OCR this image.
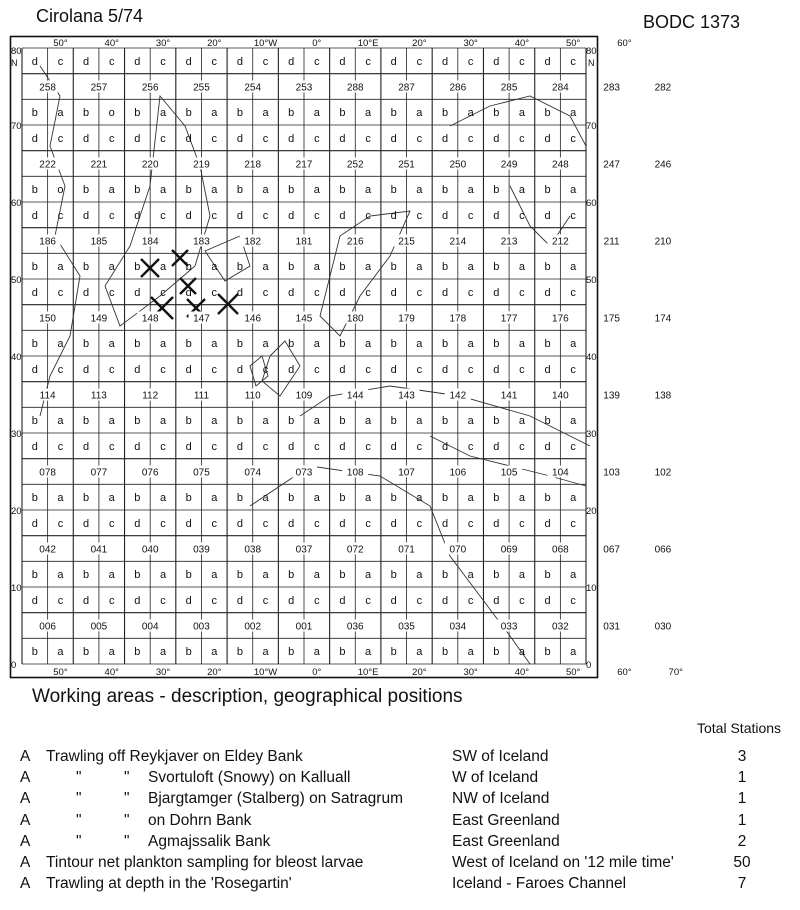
Cirolana 5/74	BODC 1373
d c d c d c d c d c d c d c d c d c d c d c
258	257	256	255	254	253	288	287	286	285	284	283	282
b a b o b a b a b a b a b a b a b a b a b a
d c d c d c d c d c d c d c d c d c d c d c
222	221	220	219	218	217	252	251	250	249	248	247	246
b o b a b a b a b a b a b a b a b a b a b a
d c d c d c d c d c d c d c d c d c d c d c
186	185	184	183	182	181	216	215	214	213	212	211	210
b a b a b a b a b a b a b a b a b a b a b a
d c d c d c d c d c d c d c d c d c d c d c
150	149	148	147	146	145	180	179	178	177	176	175	174
b a b a b a b a b a b a b a b a b a b a b a
d c d c d c d c d c d c d c d c d c d c d c
114	113	112	111	110	109	144	143	142	141	140	139	138
b a b a b a b a b a b a b a b a b a b a b a
d c d c d c d c d c d c d c d c d c d c d c
078	077	076	075	074	073	108	107	106	105	104	103	102
b a b a b a b a b a b a b a b a b a b a b a
d c d c d c d c d c d c d c d c d c d c d c
042	041	040	039	038	037	072	071	070	069	068	067	066
b a b a b a b a b a b a b a b a b a b a b a
d c d c d c d c d c d c d c d c d c d c d c
006	005	004	003	002	001	036	035	034	033	032	031	030
b a b a b a b a b a b a b a b a b a b a b a
50°	40°	30°	20°	10°W	0°	10°E	20°	30°	40°	50°	60°
50°	40°	30°	20°	10°W	0°	10°E	20°	30°	40°	50°	60°	70°
80	80
70	70
60	60
50	50
40	40
30	30
20	20
10	10
0	0
N	N
Working areas - description, geographical positions
Total Stations
A Trawling off Reykjaver on Eldey Bank	SW of Iceland	3
A	"	" Svortuloft (Snowy) on Kalluall	W of Iceland	1
A	"	" Bjargtamger (Stalberg) on Satragrum	NW of Iceland	1
A	"	" on Dohrn Bank	East Greenland	1
A	"	" Agmajssalik Bank	East Greenland	2
A Tintour net plankton sampling for bleost larvae	West of Iceland on '12 mile time'	50
A Trawling at depth in the 'Rosegartin'	Iceland - Faroes Channel	7
